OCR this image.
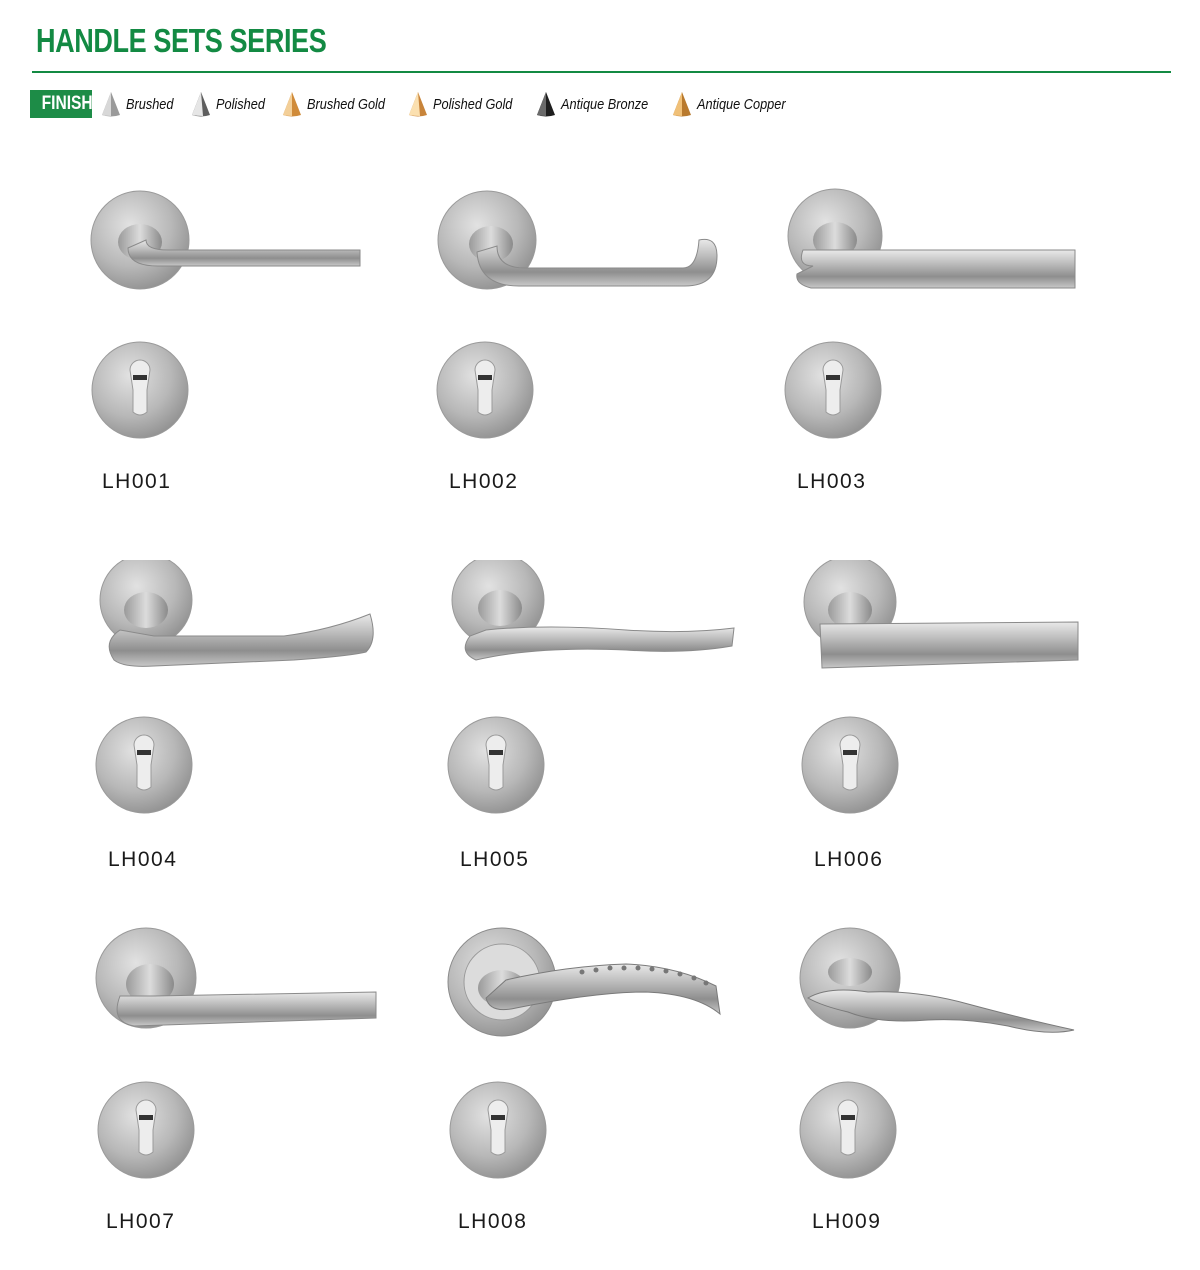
HANDLE SETS SERIES
FINISH Brushed	Polished	Brushed Gold	Polished Gold	Antique Bronze	Antique Copper
LH001	LH002	LH003
LH004	LH005	LH006
LH007	LH008	LH009
